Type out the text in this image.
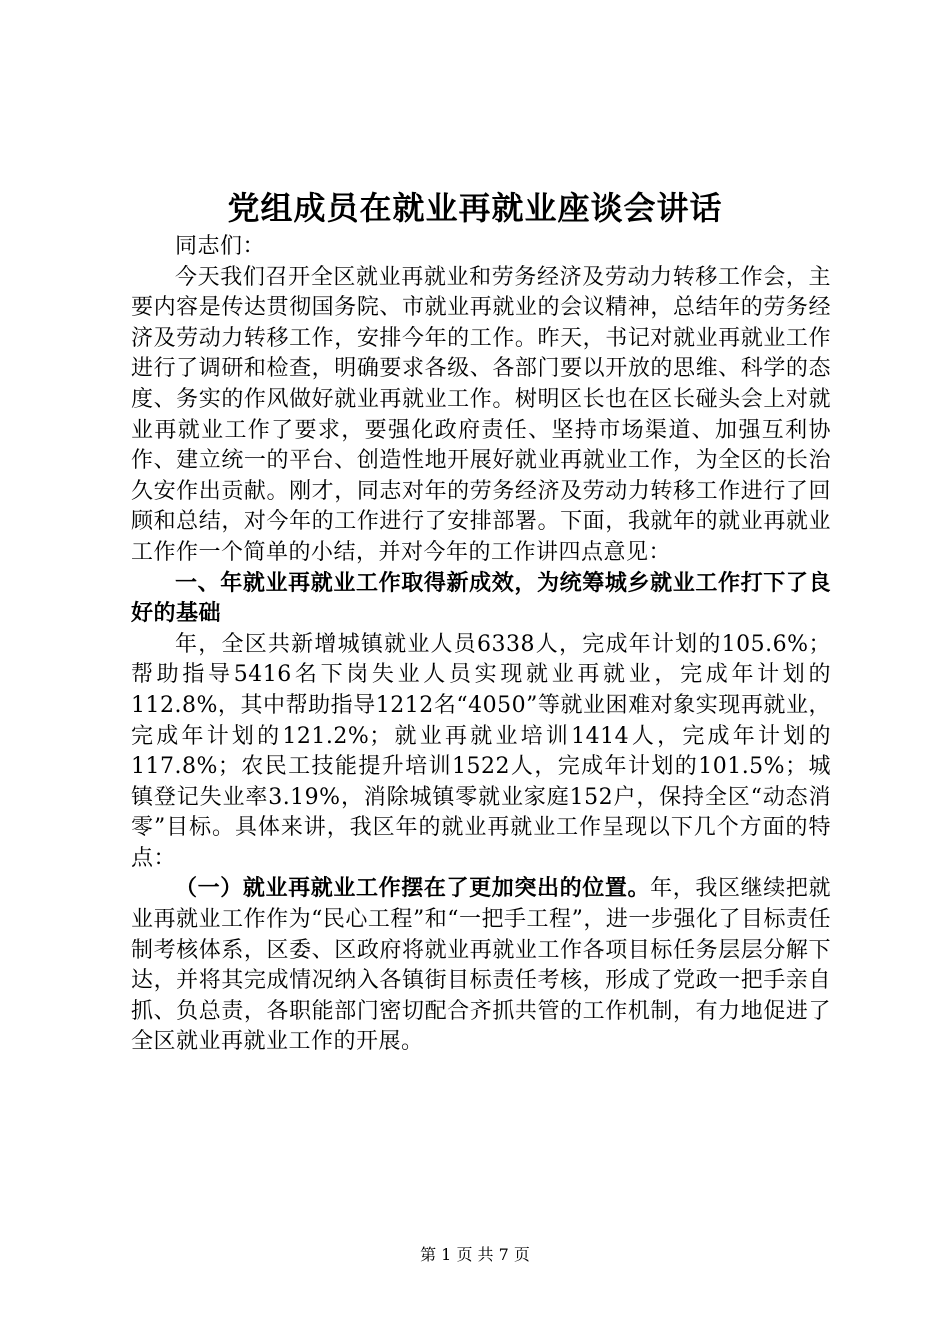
党组成员在就业再就业座谈会讲话

同志们：

今天我们召开全区就业再就业和劳务经济及劳动力转移工作会，主要内容是传达贯彻国务院、市就业再就业的会议精神，总结年的劳务经济及劳动力转移工作，安排今年的工作。昨天，书记对就业再就业工作进行了调研和检查，明确要求各级、各部门要以开放的思维、科学的态度、务实的作风做好就业再就业工作。树明区长也在区长碰头会上对就业再就业工作了要求，要强化政府责任、坚持市场渠道、加强互利协作、建立统一的平台、创造性地开展好就业再就业工作，为全区的长治久安作出贡献。刚才，同志对年的劳务经济及劳动力转移工作进行了回顾和总结，对今年的工作进行了安排部署。下面，我就年的就业再就业工作作一个简单的小结，并对今年的工作讲四点意见：

一、年就业再就业工作取得新成效，为统筹城乡就业工作打下了良好的基础

年，全区共新增城镇就业人员6338人，完成年计划的105.6%；帮助指导5416名下岗失业人员实现就业再就业，完成年计划的112.8%，其中帮助指导1212名“4050”等就业困难对象实现再就业，完成年计划的121.2%；就业再就业培训1414人，完成年计划的117.8%；农民工技能提升培训1522人，完成年计划的101.5%；城镇登记失业率3.19%，消除城镇零就业家庭152户，保持全区“动态消零”目标。具体来讲，我区年的就业再就业工作呈现以下几个方面的特点：

（一）就业再就业工作摆在了更加突出的位置。年，我区继续把就业再就业工作作为“民心工程”和“一把手工程”，进一步强化了目标责任制考核体系，区委、区政府将就业再就业工作各项目标任务层层分解下达，并将其完成情况纳入各镇街目标责任考核，形成了党政一把手亲自抓、负总责，各职能部门密切配合齐抓共管的工作机制，有力地促进了全区就业再就业工作的开展。

第 1 页 共 7 页
